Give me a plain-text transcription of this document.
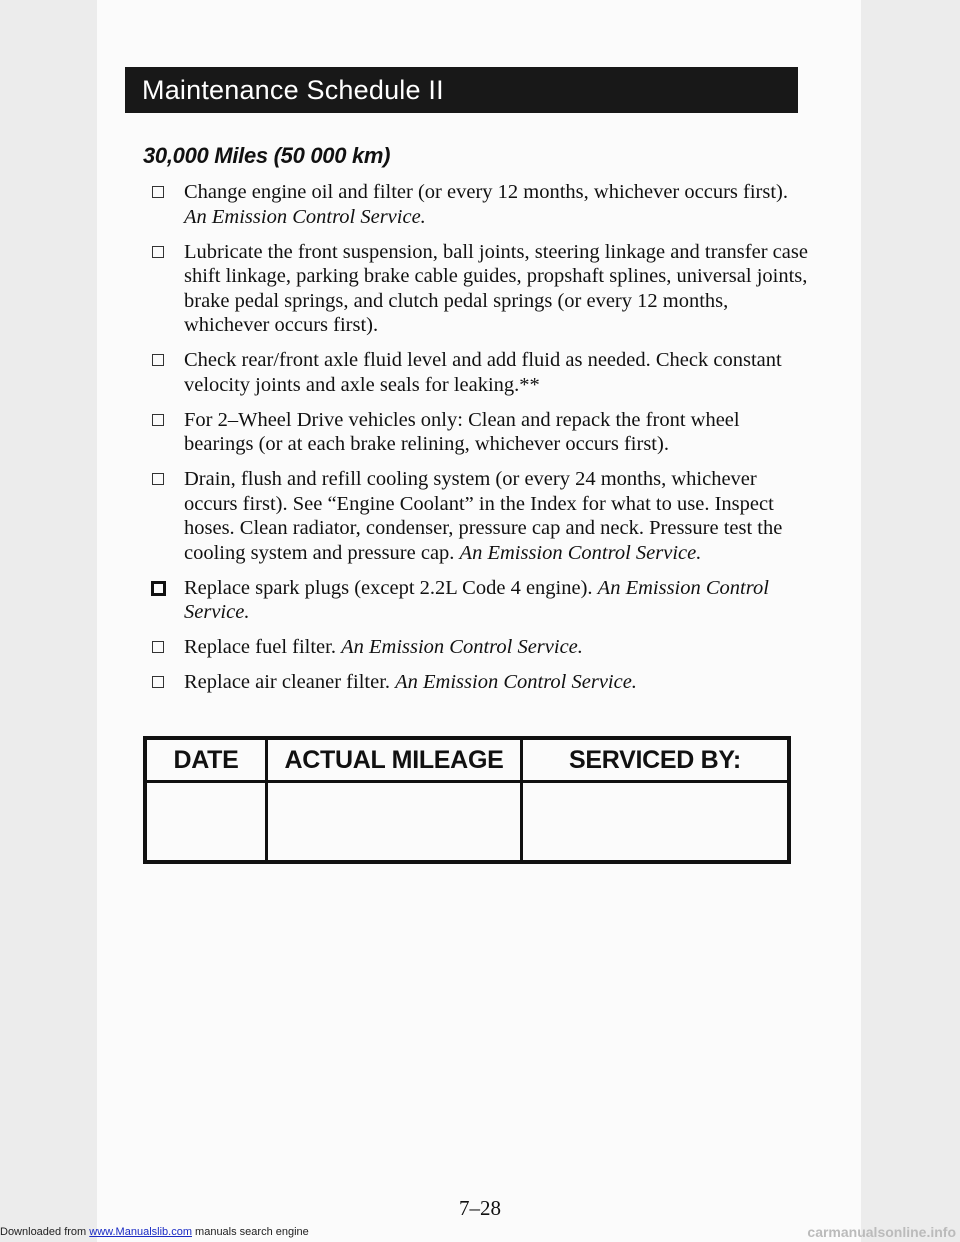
Maintenance Schedule II
30,000 Miles (50 000 km)
Change engine oil and filter (or every 12 months, whichever occurs first). An Emission Control Service.
Lubricate the front suspension, ball joints, steering linkage and transfer case shift linkage, parking brake cable guides, propshaft splines, universal joints, brake pedal springs, and clutch pedal springs (or every 12 months, whichever occurs first).
Check rear/front axle fluid level and add fluid as needed. Check constant velocity joints and axle seals for leaking.**
For 2–Wheel Drive vehicles only: Clean and repack the front wheel bearings (or at each brake relining, whichever occurs first).
Drain, flush and refill cooling system (or every 24 months, whichever occurs first). See “Engine Coolant” in the Index for what to use. Inspect hoses. Clean radiator, condenser, pressure cap and neck. Pressure test the cooling system and pressure cap. An Emission Control Service.
Replace spark plugs (except 2.2L Code 4 engine). An Emission Control Service.
Replace fuel filter. An Emission Control Service.
Replace air cleaner filter. An Emission Control Service.
DATE	ACTUAL MILEAGE	SERVICED BY:

7–28
Downloaded from www.Manualslib.com manuals search engine	carmanualsonline.info
